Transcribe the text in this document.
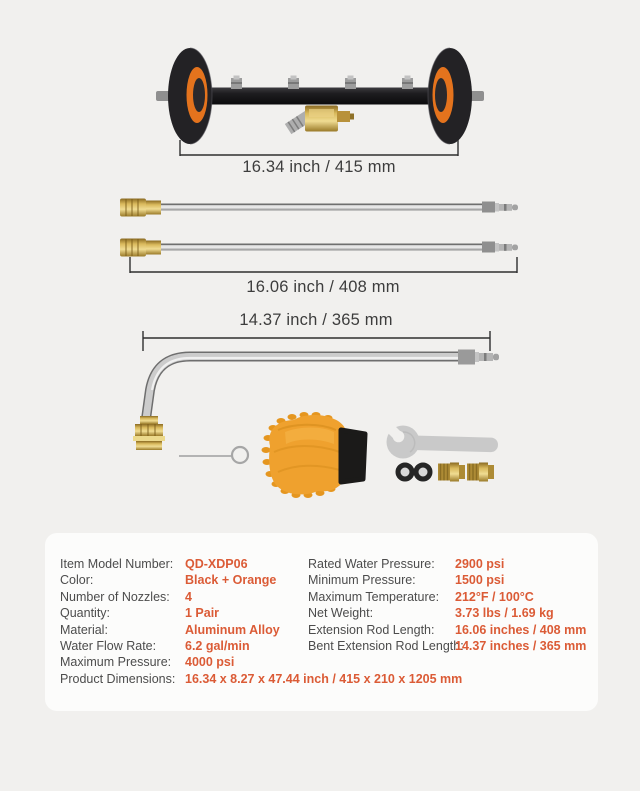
16.34 inch / 415 mm
16.06 inch / 408 mm
14.37 inch / 365 mm
Item Model Number: QD-XDP06
Color:	Black + Orange
Number of Nozzles:	4
Quantity:	1 Pair
Material:	Aluminum Alloy
Water Flow Rate:	6.2 gal/min
Maximum Pressure:	4000 psi
Rated Water Pressure:	2900 psi
Minimum Pressure:	1500 psi
Maximum Temperature:	212°F / 100°C
Net Weight:	3.73 lbs / 1.69 kg
Extension Rod Length:	16.06 inches / 408 mm
Bent Extension Rod Length:
14.37 inches / 365 mm
Product Dimensions: 16.34 x 8.27 x 47.44 inch / 415 x 210 x 1205 mm
